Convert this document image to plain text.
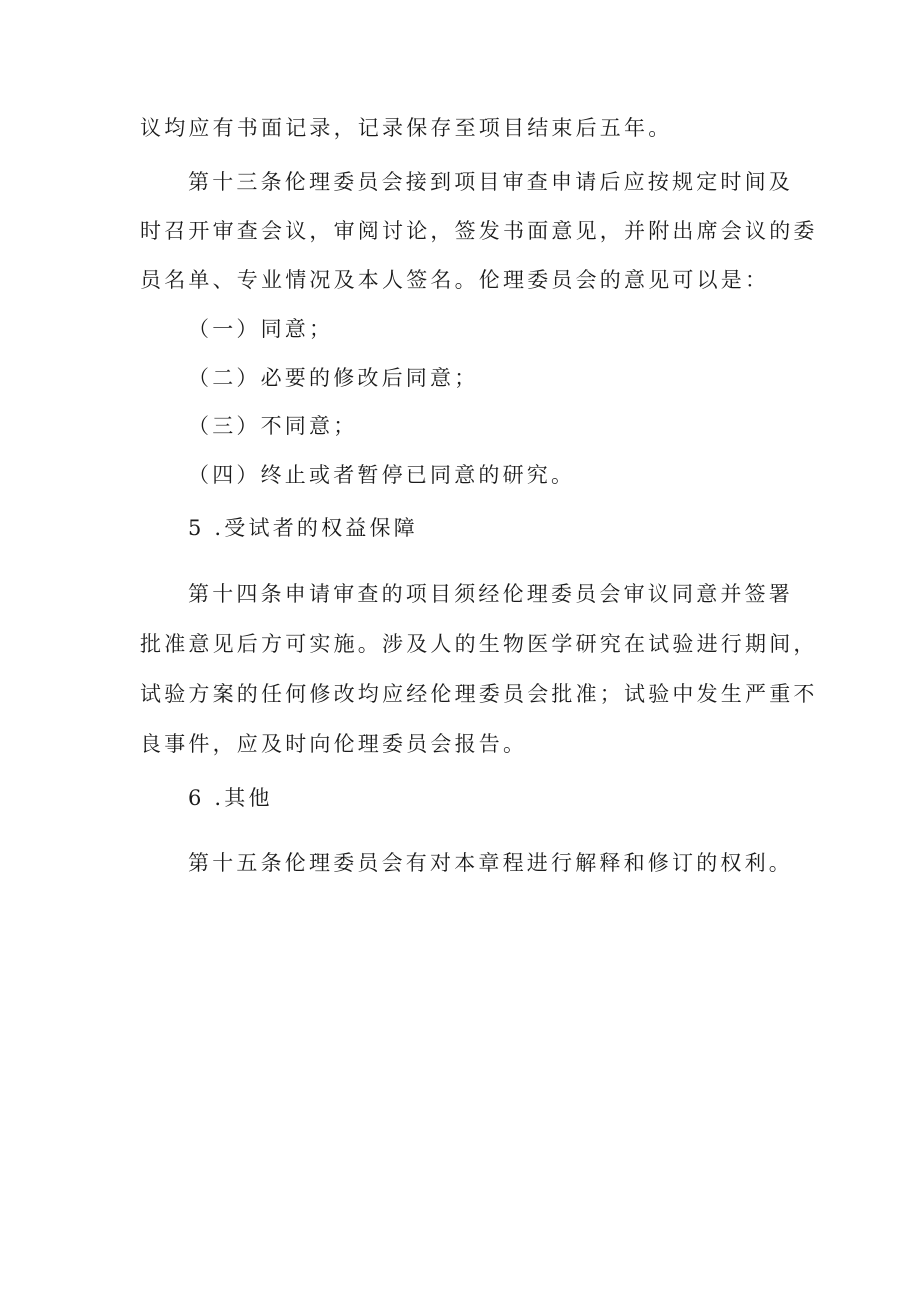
议均应有书面记录，记录保存至项目结束后五年。
第十三条伦理委员会接到项目审查申请后应按规定时间及
时召开审查会议，审阅讨论，签发书面意见，并附出席会议的委
员名单、专业情况及本人签名。伦理委员会的意见可以是：
（一）同意；
（二）必要的修改后同意；
（三）不同意；
（四）终止或者暂停已同意的研究。
5 .受试者的权益保障
第十四条申请审查的项目须经伦理委员会审议同意并签署
批准意见后方可实施。涉及人的生物医学研究在试验进行期间，
试验方案的任何修改均应经伦理委员会批准；试验中发生严重不
良事件，应及时向伦理委员会报告。
6 .其他
第十五条伦理委员会有对本章程进行解释和修订的权利。
